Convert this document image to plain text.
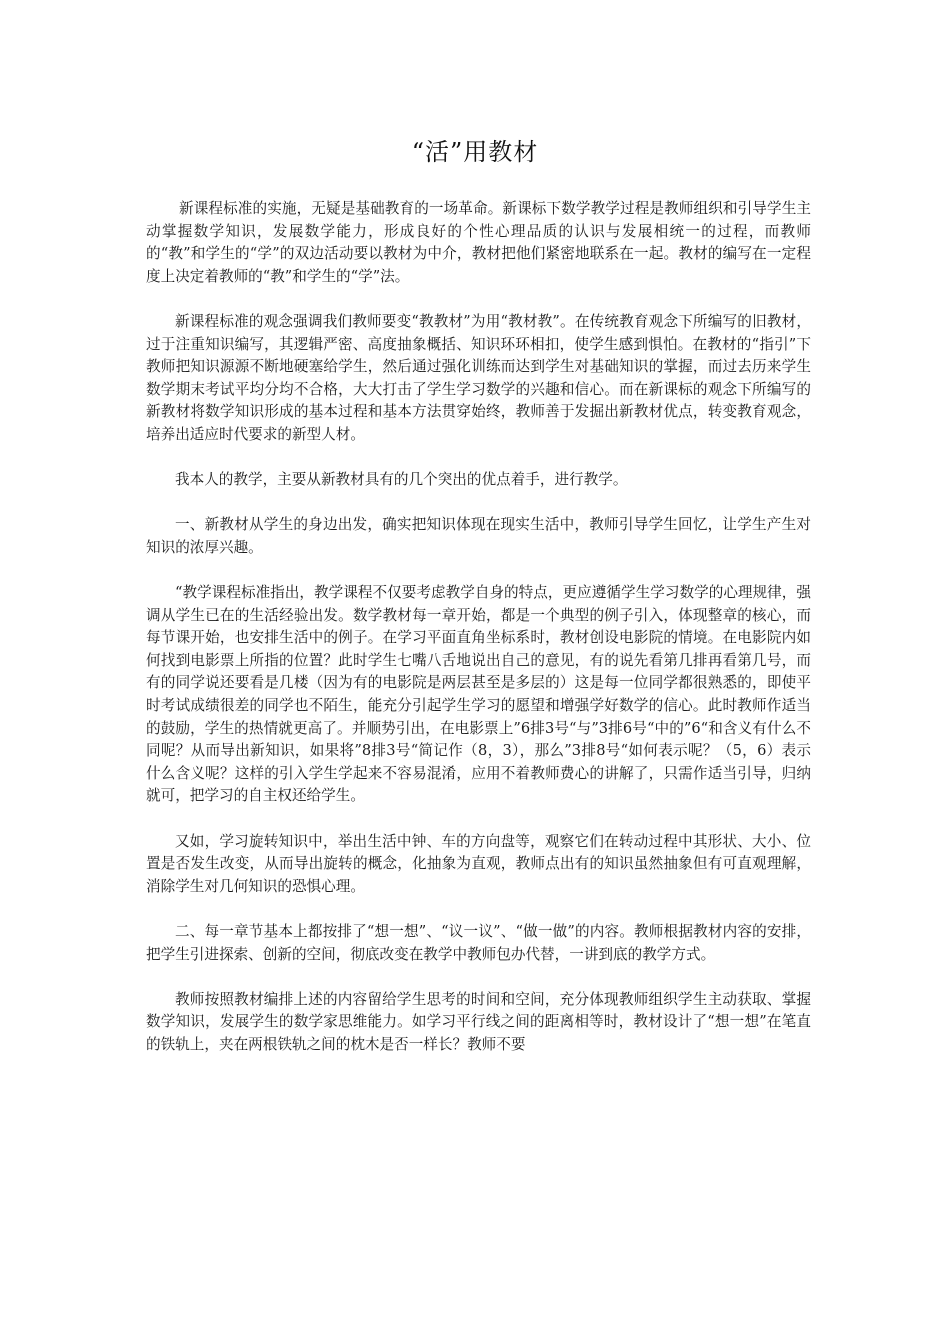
“活”用教材

新课程标准的实施，无疑是基础教育的一场革命。新课标下数学教学过程是教师组织和引导学生主动掌握数学知识，发展数学能力，形成良好的个性心理品质的认识与发展相统一的过程，而教师的“教”和学生的“学”的双边活动要以教材为中介，教材把他们紧密地联系在一起。教材的编写在一定程度上决定着教师的“教”和学生的“学”法。

新课程标准的观念强调我们教师要变“教教材”为用“教材教”。在传统教育观念下所编写的旧教材，过于注重知识编写，其逻辑严密、高度抽象概括、知识环环相扣，使学生感到惧怕。在教材的“指引”下教师把知识源源不断地硬塞给学生，然后通过强化训练而达到学生对基础知识的掌握，而过去历来学生数学期末考试平均分均不合格，大大打击了学生学习数学的兴趣和信心。而在新课标的观念下所编写的新教材将数学知识形成的基本过程和基本方法贯穿始终，教师善于发掘出新教材优点，转变教育观念，培养出适应时代要求的新型人材。

我本人的教学，主要从新教材具有的几个突出的优点着手，进行教学。

一、新教材从学生的身边出发，确实把知识体现在现实生活中，教师引导学生回忆，让学生产生对知识的浓厚兴趣。

“教学课程标准指出，教学课程不仅要考虑教学自身的特点，更应遵循学生学习数学的心理规律，强调从学生已在的生活经验出发。数学教材每一章开始，都是一个典型的例子引入，体现整章的核心，而每节课开始，也安排生活中的例子。在学习平面直角坐标系时，教材创设电影院的情境。在电影院内如何找到电影票上所指的位置？此时学生七嘴八舌地说出自己的意见，有的说先看第几排再看第几号，而有的同学说还要看是几楼（因为有的电影院是两层甚至是多层的）这是每一位同学都很熟悉的，即使平时考试成绩很差的同学也不陌生，能充分引起学生学习的愿望和增强学好数学的信心。此时教师作适当的鼓励，学生的热情就更高了。并顺势引出，在电影票上”6排3号“与”3排6号“中的”6“和含义有什么不同呢？从而导出新知识，如果将”8排3号“简记作（8，3），那么”3排8号“如何表示呢？（5，6）表示什么含义呢？这样的引入学生学起来不容易混淆，应用不着教师费心的讲解了，只需作适当引导，归纳就可，把学习的自主权还给学生。

又如，学习旋转知识中，举出生活中钟、车的方向盘等，观察它们在转动过程中其形状、大小、位置是否发生改变，从而导出旋转的概念，化抽象为直观，教师点出有的知识虽然抽象但有可直观理解，消除学生对几何知识的恐惧心理。

二、每一章节基本上都按排了“想一想”、“议一议”、“做一做”的内容。教师根据教材内容的安排，把学生引进探索、创新的空间，彻底改变在教学中教师包办代替，一讲到底的教学方式。

教师按照教材编排上述的内容留给学生思考的时间和空间，充分体现教师组织学生主动获取、掌握数学知识，发展学生的数学家思维能力。如学习平行线之间的距离相等时，教材设计了“想一想”在笔直的铁轨上，夹在两根铁轨之间的枕木是否一样长？教师不要
